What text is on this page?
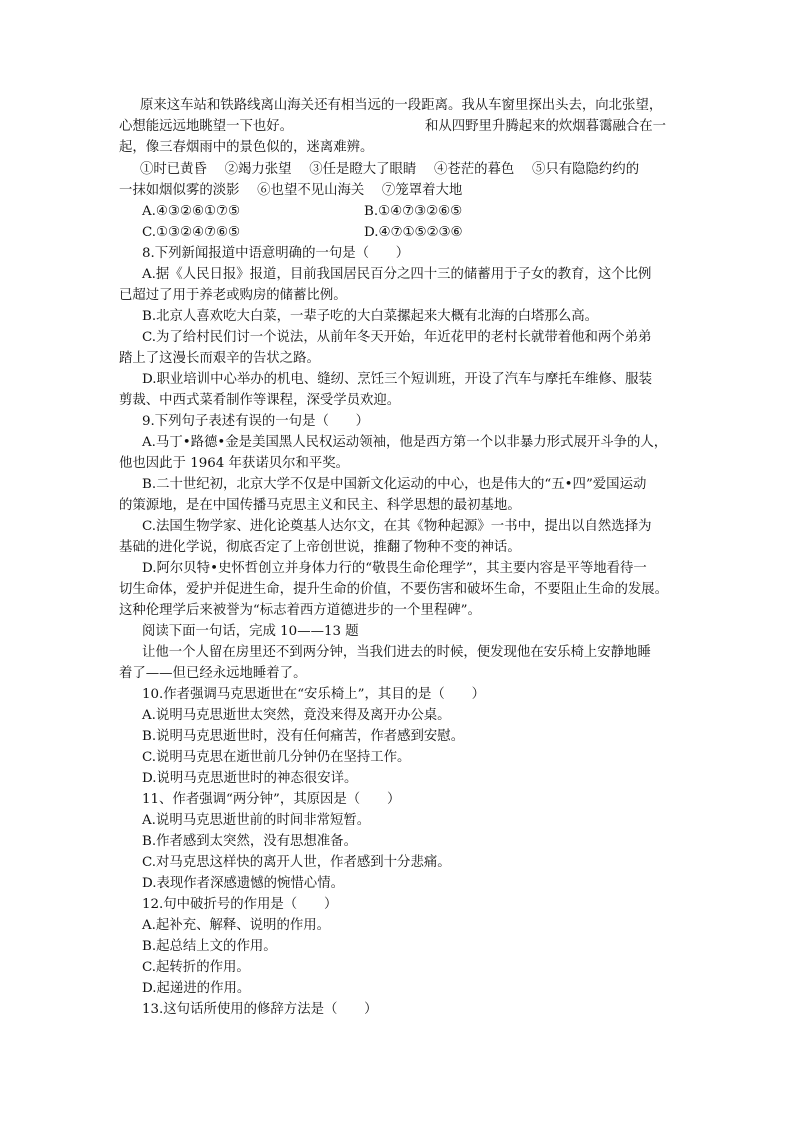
原来这车站和铁路线离山海关还有相当远的一段距离。我从车窗里探出头去，向北张望，

心想能远远地眺望一下也好。

	和从四野里升腾起来的炊烟暮霭融合在一

起，像三春烟雨中的景色似的，迷离难辨。
①时已黄昏　 ②竭力张望　 ③任是瞪大了眼睛　 ④苍茫的暮色　 ⑤只有隐隐约约的
一抹如烟似雾的淡影　 ⑥也望不见山海关　 ⑦笼罩着大地

A.④③②⑥①⑦⑤

	B.①④⑦③②⑥⑤

C.①③②④⑦⑥⑤

	D.④⑦①⑤②③⑥

8.下列新闻报道中语意明确的一句是（　　）
A.据《人民日报》报道，目前我国居民百分之四十三的储蓄用于子女的教育，这个比例
已超过了用于养老或购房的储蓄比例。
B.北京人喜欢吃大白菜，一辈子吃的大白菜摞起来大概有北海的白塔那么高。
C.为了给村民们讨一个说法，从前年冬天开始，年近花甲的老村长就带着他和两个弟弟
踏上了这漫长而艰辛的告状之路。
D.职业培训中心举办的机电、缝纫、烹饪三个短训班，开设了汽车与摩托车维修、服装
剪裁、中西式菜肴制作等课程，深受学员欢迎。
9.下列句子表述有误的一句是（　　）
A.马丁•路德•金是美国黑人民权运动领袖，他是西方第一个以非暴力形式展开斗争的人，
他也因此于 1964 年获诺贝尔和平奖。
B.二十世纪初，北京大学不仅是中国新文化运动的中心，也是伟大的“五•四”爱国运动
的策源地，是在中国传播马克思主义和民主、科学思想的最初基地。
C.法国生物学家、进化论奠基人达尔文，在其《物种起源》一书中，提出以自然选择为
基础的进化学说，彻底否定了上帝创世说，推翻了物种不变的神话。
D.阿尔贝特•史怀哲创立并身体力行的“敬畏生命伦理学”，其主要内容是平等地看待一
切生命体，爱护并促进生命，提升生命的价值，不要伤害和破坏生命，不要阻止生命的发展。
这种伦理学后来被誉为“标志着西方道德进步的一个里程碑”。
阅读下面一句话，完成 10——13 题
让他一个人留在房里还不到两分钟，当我们进去的时候，便发现他在安乐椅上安静地睡
着了——但已经永远地睡着了。
10.作者强调马克思逝世在“安乐椅上”，其目的是（　　）
A.说明马克思逝世太突然，竟没来得及离开办公桌。
B.说明马克思逝世时，没有任何痛苦，作者感到安慰。
C.说明马克思在逝世前几分钟仍在坚持工作。
D.说明马克思逝世时的神态很安详。
11、作者强调“两分钟”，其原因是（　　）
A.说明马克思逝世前的时间非常短暂。
B.作者感到太突然，没有思想准备。
C.对马克思这样快的离开人世，作者感到十分悲痛。
D.表现作者深感遗憾的惋惜心情。
12.句中破折号的作用是（　　）
A.起补充、解释、说明的作用。
B.起总结上文的作用。
C.起转折的作用。
D.起递进的作用。
13.这句话所使用的修辞方法是（　　）
